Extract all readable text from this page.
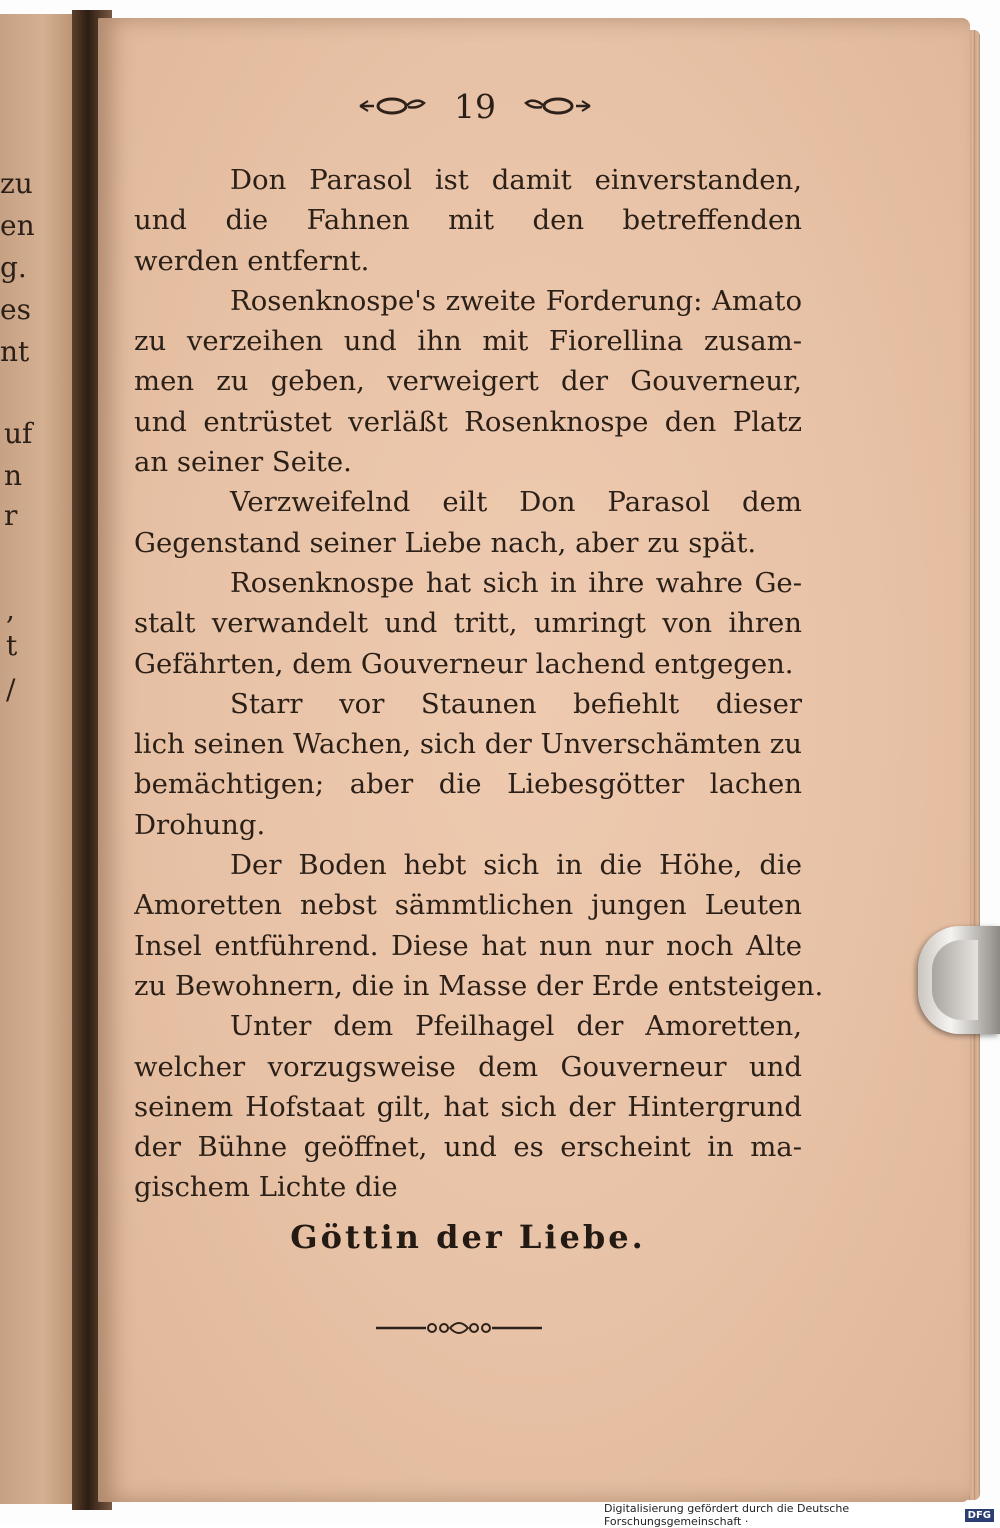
zu
en
g.
es
nt
uf
n
r
,
t
/
19
Don Parasol ist damit einverstanden,
und die Fahnen mit den betreffenden
werden entfernt.
Rosenknospe's zweite Forderung: Amato
zu verzeihen und ihn mit Fiorellina zusam-
men zu geben, verweigert der Gouverneur,
und entrüstet verläßt Rosenknospe den Platz
an seiner Seite.
Verzweifelnd eilt Don Parasol dem
Gegenstand seiner Liebe nach, aber zu spät.
Rosenknospe hat sich in ihre wahre Ge-
stalt verwandelt und tritt, umringt von ihren
Gefährten, dem Gouverneur lachend entgegen.
Starr vor Staunen befiehlt dieser
lich seinen Wachen, sich der Unverschämten zu
bemächtigen; aber die Liebesgötter lachen
Drohung.
Der Boden hebt sich in die Höhe, die
Amoretten nebst sämmtlichen jungen Leuten
Insel entführend. Diese hat nun nur noch Alte
zu Bewohnern, die in Masse der Erde entsteigen.
Unter dem Pfeilhagel der Amoretten,
welcher vorzugsweise dem Gouverneur und
seinem Hofstaat gilt, hat sich der Hintergrund
der Bühne geöffnet, und es erscheint in ma-
gischem Lichte die
Göttin der Liebe.
Digitalisierung gefördert durch die Deutsche Forschungsgemeinschaft ·	DFG
